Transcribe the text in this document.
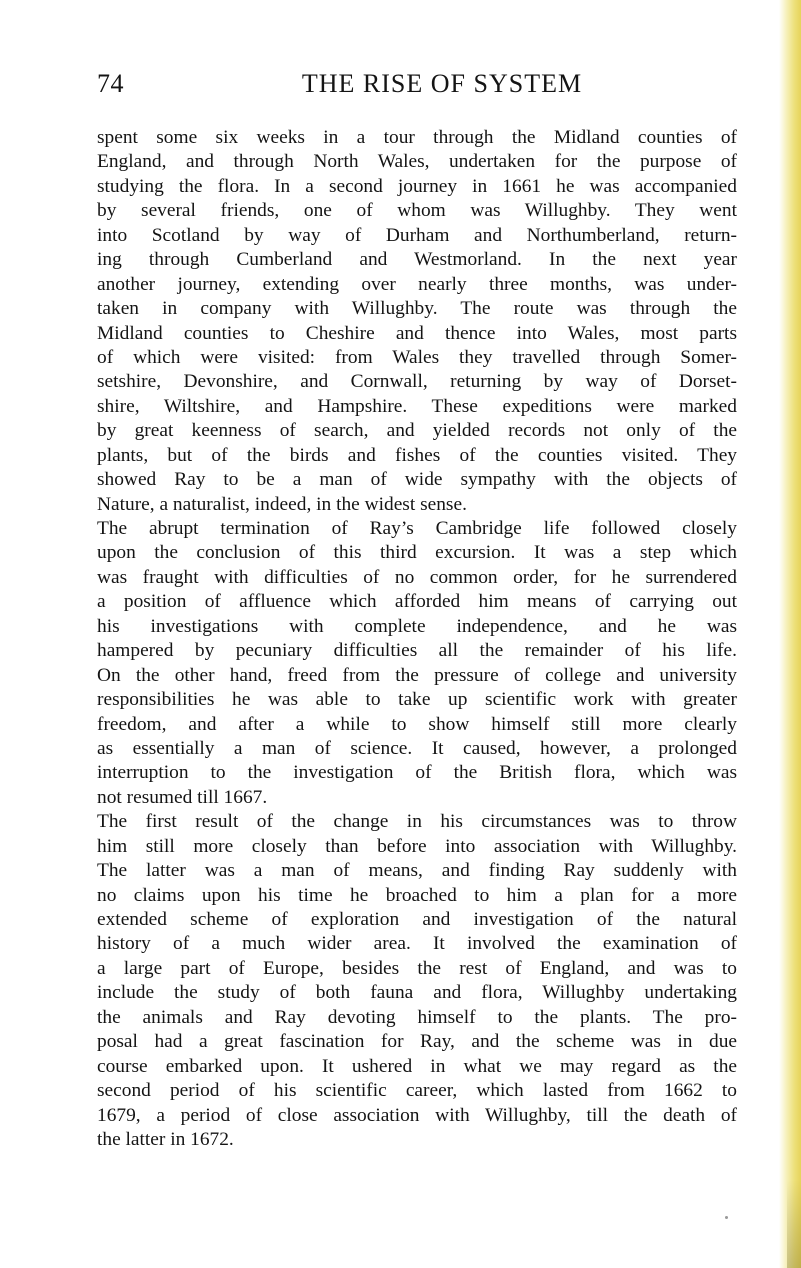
74	THE RISE OF SYSTEM
spent some six weeks in a tour through the Midland counties of
England, and through North Wales, undertaken for the purpose of
studying the flora. In a second journey in 1661 he was accompanied
by several friends, one of whom was Willughby. They went
into Scotland by way of Durham and Northumberland, return-
ing through Cumberland and Westmorland. In the next year
another journey, extending over nearly three months, was under-
taken in company with Willughby. The route was through the
Midland counties to Cheshire and thence into Wales, most parts
of which were visited: from Wales they travelled through Somer-
setshire, Devonshire, and Cornwall, returning by way of Dorset-
shire, Wiltshire, and Hampshire. These expeditions were marked
by great keenness of search, and yielded records not only of the
plants, but of the birds and fishes of the counties visited. They
showed Ray to be a man of wide sympathy with the objects of
Nature, a naturalist, indeed, in the widest sense.
The abrupt termination of Ray’s Cambridge life followed closely
upon the conclusion of this third excursion. It was a step which
was fraught with difficulties of no common order, for he surrendered
a position of affluence which afforded him means of carrying out
his investigations with complete independence, and he was
hampered by pecuniary difficulties all the remainder of his life.
On the other hand, freed from the pressure of college and university
responsibilities he was able to take up scientific work with greater
freedom, and after a while to show himself still more clearly
as essentially a man of science. It caused, however, a prolonged
interruption to the investigation of the British flora, which was
not resumed till 1667.
The first result of the change in his circumstances was to throw
him still more closely than before into association with Willughby.
The latter was a man of means, and finding Ray suddenly with
no claims upon his time he broached to him a plan for a more
extended scheme of exploration and investigation of the natural
history of a much wider area. It involved the examination of
a large part of Europe, besides the rest of England, and was to
include the study of both fauna and flora, Willughby undertaking
the animals and Ray devoting himself to the plants. The pro-
posal had a great fascination for Ray, and the scheme was in due
course embarked upon. It ushered in what we may regard as the
second period of his scientific career, which lasted from 1662 to
1679, a period of close association with Willughby, till the death of
the latter in 1672.
